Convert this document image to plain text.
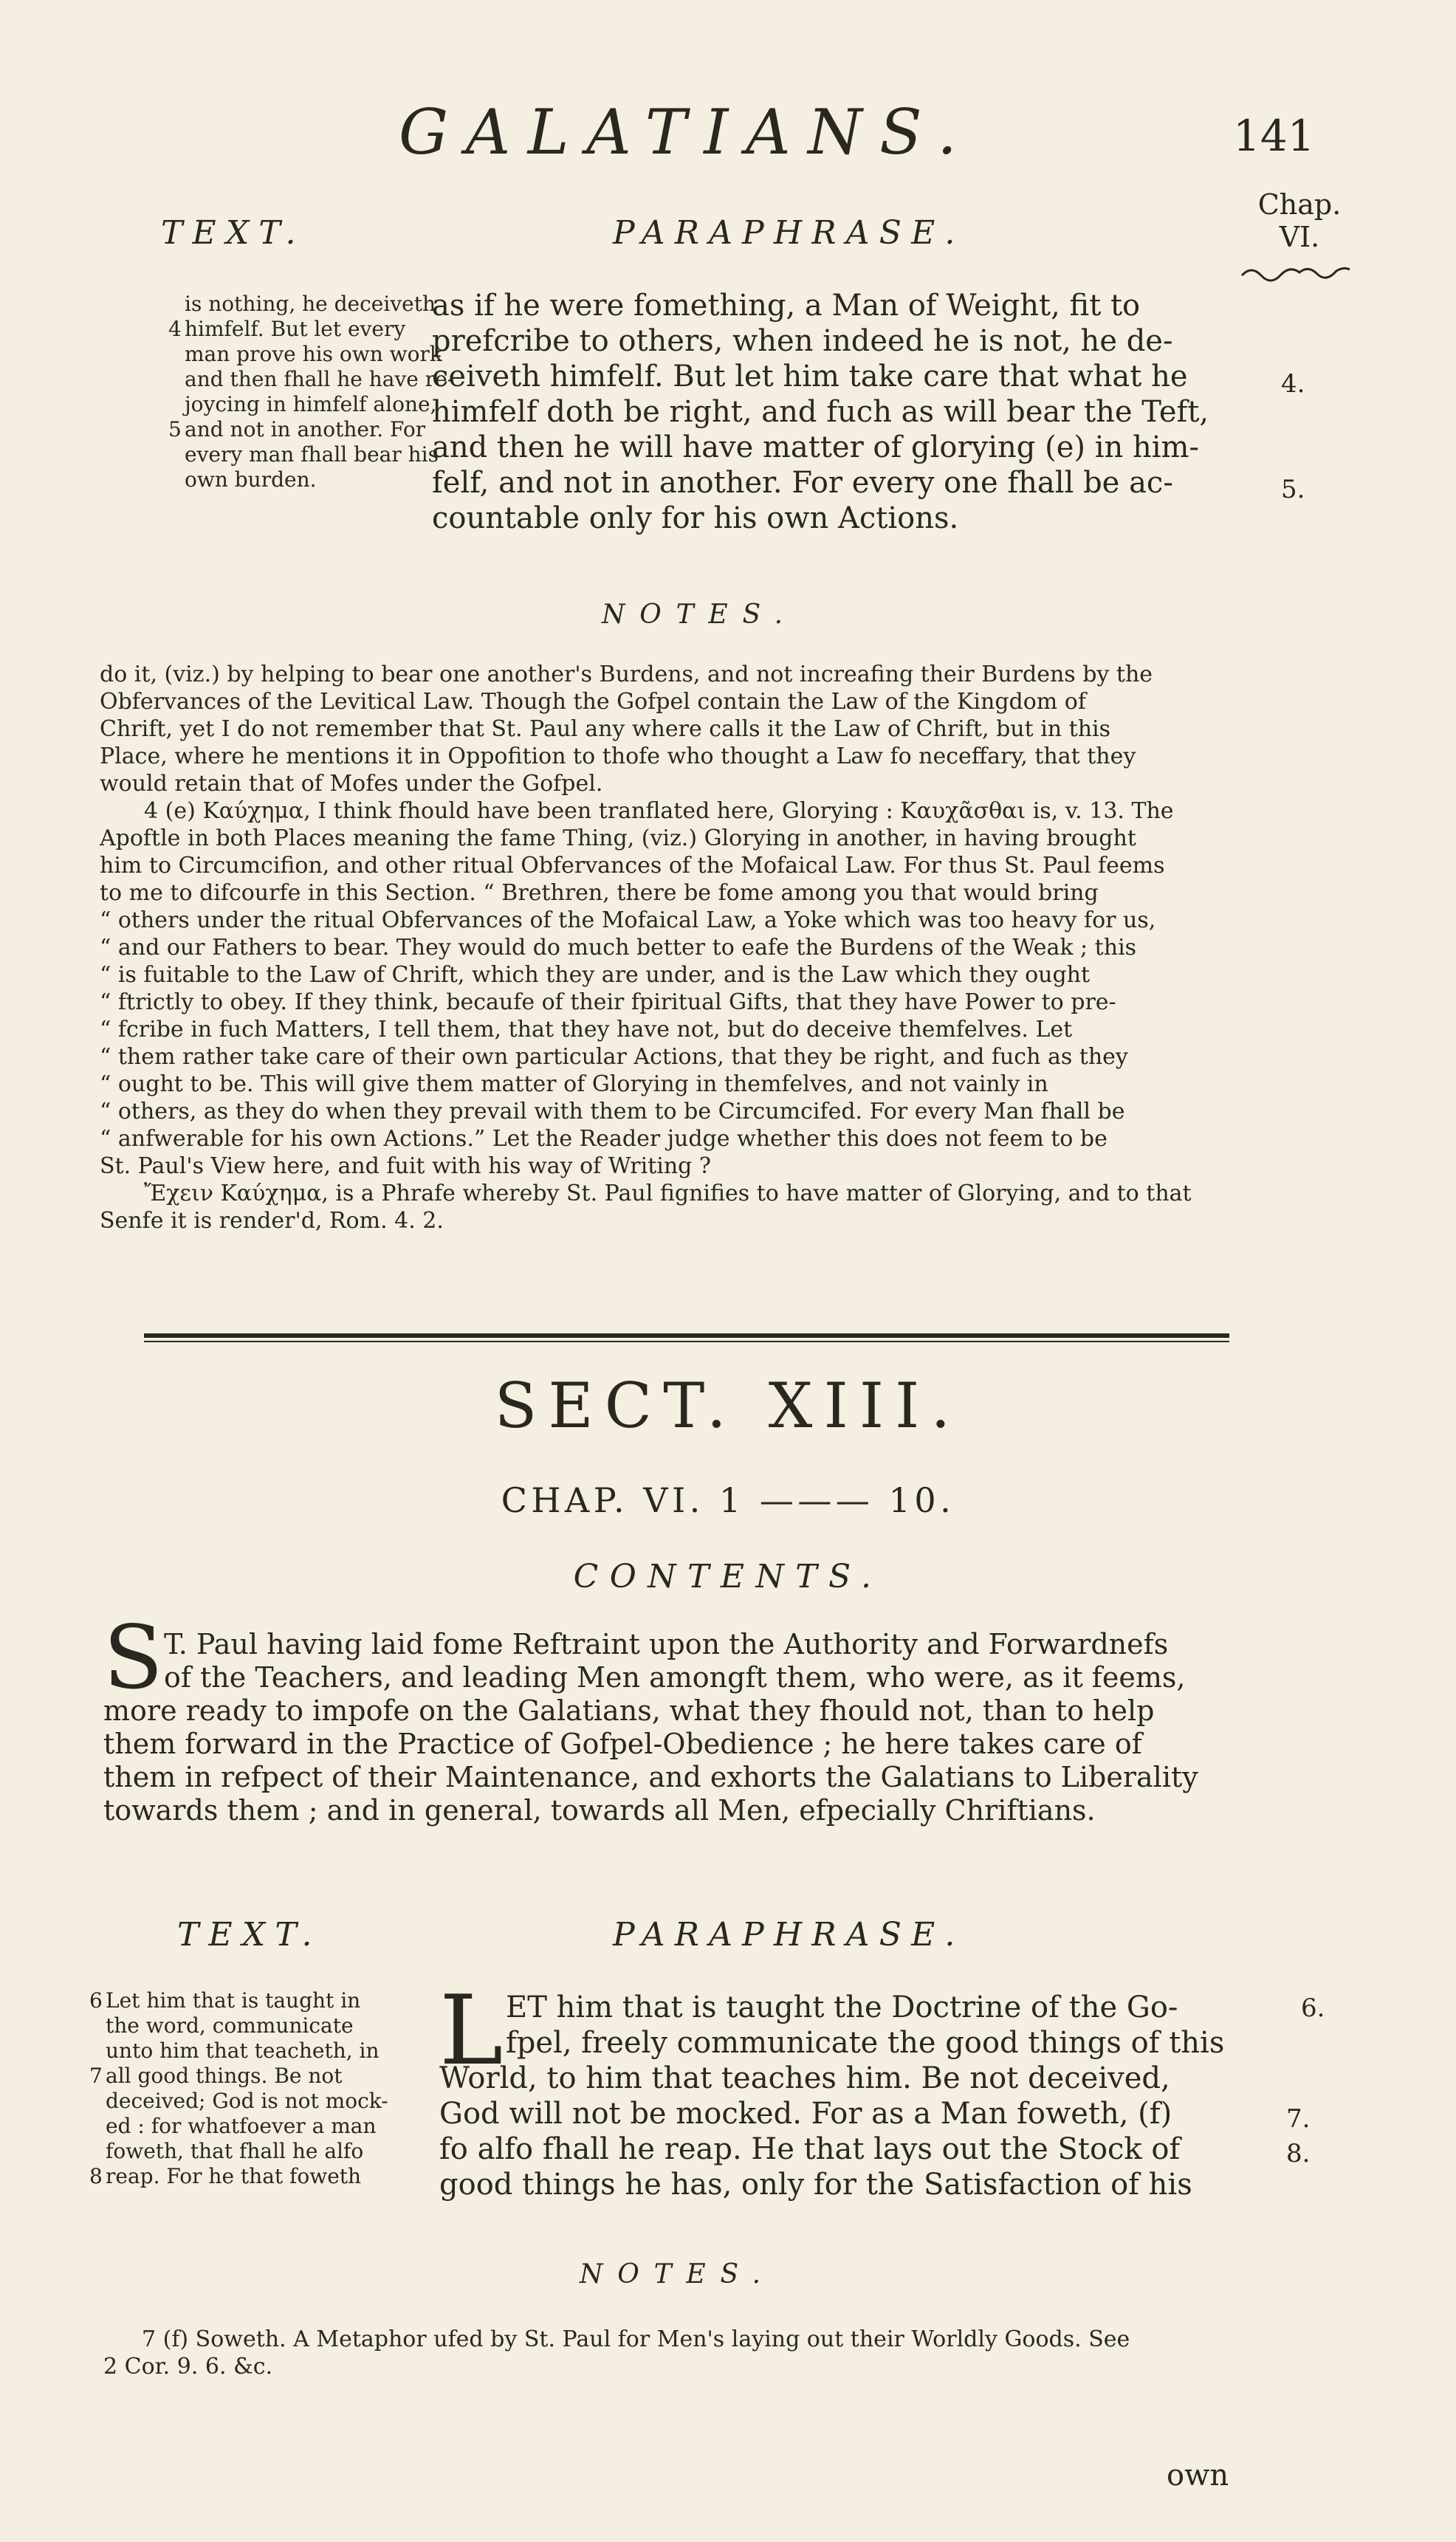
GALATIANS.	141
Chap.
VI.
TEXT.	PARAPHRASE.
is nothing, he deceiveth
4 himfelf. But let every
man prove his own work
and then fhall he have re-
joycing in himfelf alone,
5 and not in another. For
every man fhall bear his
own burden.
as if he were fomething, a Man of Weight, fit to
prefcribe to others, when indeed he is not, he de-
ceiveth himfelf. But let him take care that what he
himfelf doth be right, and fuch as will bear the Teft,
and then he will have matter of glorying (e) in him-
felf, and not in another. For every one fhall be ac-
countable only for his own Actions.
4.
5.
NOTES.
do it, (viz.) by helping to bear one another's Burdens, and not increafing their Burdens by the
Obfervances of the Levitical Law. Though the Gofpel contain the Law of the Kingdom of
Chrift, yet I do not remember that St. Paul any where calls it the Law of Chrift, but in this
Place, where he mentions it in Oppofition to thofe who thought a Law fo neceffary, that they
would retain that of Mofes under the Gofpel.
4 (e) Καύχημα, I think fhould have been tranflated here, Glorying : Καυχᾶσθαι is, v. 13. The
Apoftle in both Places meaning the fame Thing, (viz.) Glorying in another, in having brought
him to Circumcifion, and other ritual Obfervances of the Mofaical Law. For thus St. Paul feems
to me to difcourfe in this Section. “ Brethren, there be fome among you that would bring
“ others under the ritual Obfervances of the Mofaical Law, a Yoke which was too heavy for us,
“ and our Fathers to bear. They would do much better to eafe the Burdens of the Weak ; this
“ is fuitable to the Law of Chrift, which they are under, and is the Law which they ought
“ ftrictly to obey. If they think, becaufe of their fpiritual Gifts, that they have Power to pre-
“ fcribe in fuch Matters, I tell them, that they have not, but do deceive themfelves. Let
“ them rather take care of their own particular Actions, that they be right, and fuch as they
“ ought to be. This will give them matter of Glorying in themfelves, and not vainly in
“ others, as they do when they prevail with them to be Circumcifed. For every Man fhall be
“ anfwerable for his own Actions.” Let the Reader judge whether this does not feem to be
St. Paul's View here, and fuit with his way of Writing ?
Ἔχειν Καύχημα, is a Phrafe whereby St. Paul fignifies to have matter of Glorying, and to that
Senfe it is render'd, Rom. 4. 2.
SECT. XIII.
CHAP. VI. 1 ——— 10.
CONTENTS.
S T. Paul having laid fome Reftraint upon the Authority and Forwardnefs
of the Teachers, and leading Men amongft them, who were, as it feems,
more ready to impofe on the Galatians, what they fhould not, than to help
them forward in the Practice of Gofpel-Obedience ; he here takes care of
them in refpect of their Maintenance, and exhorts the Galatians to Liberality
towards them ; and in general, towards all Men, efpecially Chriftians.
TEXT.	PARAPHRASE.
6 Let him that is taught in
the word, communicate
unto him that teacheth, in
7 all good things. Be not
deceived; God is not mock-
ed : for whatfoever a man
foweth, that fhall he alfo
8 reap. For he that foweth
L ET him that is taught the Doctrine of the Go-
fpel, freely communicate the good things of this
World, to him that teaches him. Be not deceived,
God will not be mocked. For as a Man foweth, (f)
fo alfo fhall he reap. He that lays out the Stock of
good things he has, only for the Satisfaction of his
6.
7.
8.
NOTES.
7 (f) Soweth. A Metaphor ufed by St. Paul for Men's laying out their Worldly Goods. See
2 Cor. 9. 6. &c.
own
